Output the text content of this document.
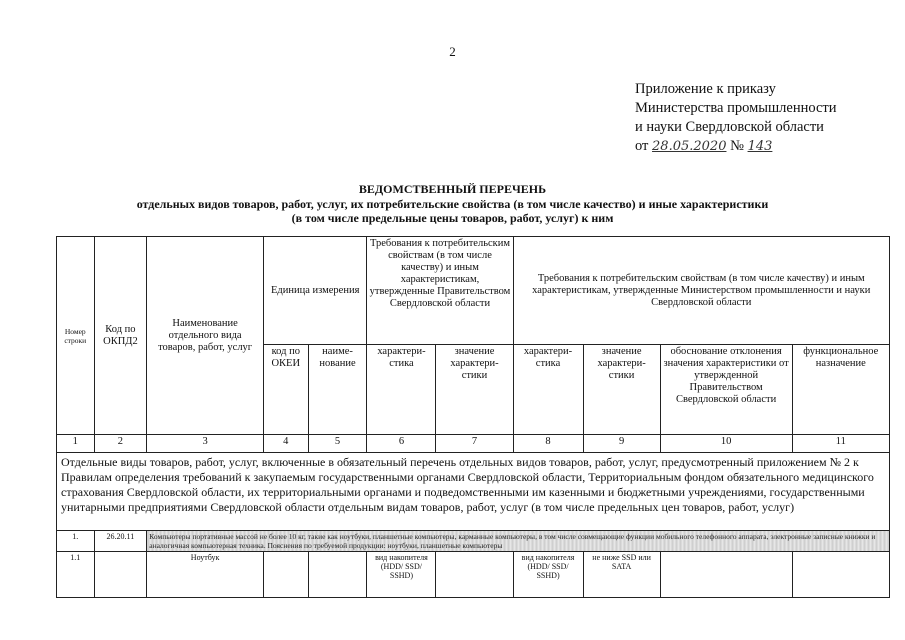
2
Приложение к приказу
Министерства промышленности
и науки Свердловской области
от 28.05.2020 № 143
ВЕДОМСТВЕННЫЙ ПЕРЕЧЕНЬ
отдельных видов товаров, работ, услуг, их потребительские свойства (в том числе качество) и иные характеристики
(в том числе предельные цены товаров, работ, услуг) к ним
Номер строки	Код по ОКПД2	Наименование отдельного вида товаров, работ, услуг	Единица измерения		Требования к потребительским свойствам (в том числе качеству) и иным характеристикам, утвержденные Правительством Свердловской области		Требования к потребительским свойствам (в том числе качеству) и иным характеристикам, утвержденные Министерством промышленности и науки Свердловской области			
			код по ОКЕИ	наиме-нование	характери-стика	значение характери-стики	характери-стика	значение характери-стики	обоснование отклонения значения характеристики от утвержденной Правительством Свердловской области	функциональное назначение
1	2	3	4	5	6	7	8	9	10	11
Отдельные виды товаров, работ, услуг, включенные в обязательный перечень отдельных видов товаров, работ, услуг, предусмотренный приложением № 2 к Правилам определения требований к закупаемым государственными органами Свердловской области, Территориальным фондом обязательного медицинского страхования Свердловской области, их территориальными органами и подведомственными им казенными и бюджетными учреждениями, государственными унитарными предприятиями Свердловской области отдельным видам товаров, работ, услуг (в том числе предельных цен товаров, работ, услуг)										
1.	26.20.11	Компьютеры портативные массой не более 10 кг, такие как ноутбуки, планшетные компьютеры, карманные компьютеры, в том числе совмещающие функции мобильного телефонного аппарата, электронные записные книжки и аналогичная компьютерная техника. Пояснения по требуемой продукции: ноутбуки, планшетные компьютеры								
1.1		Ноутбук			вид накопителя (HDD/ SSD/ SSHD)		вид накопителя (HDD/ SSD/ SSHD)	не ниже SSD или SATA		
